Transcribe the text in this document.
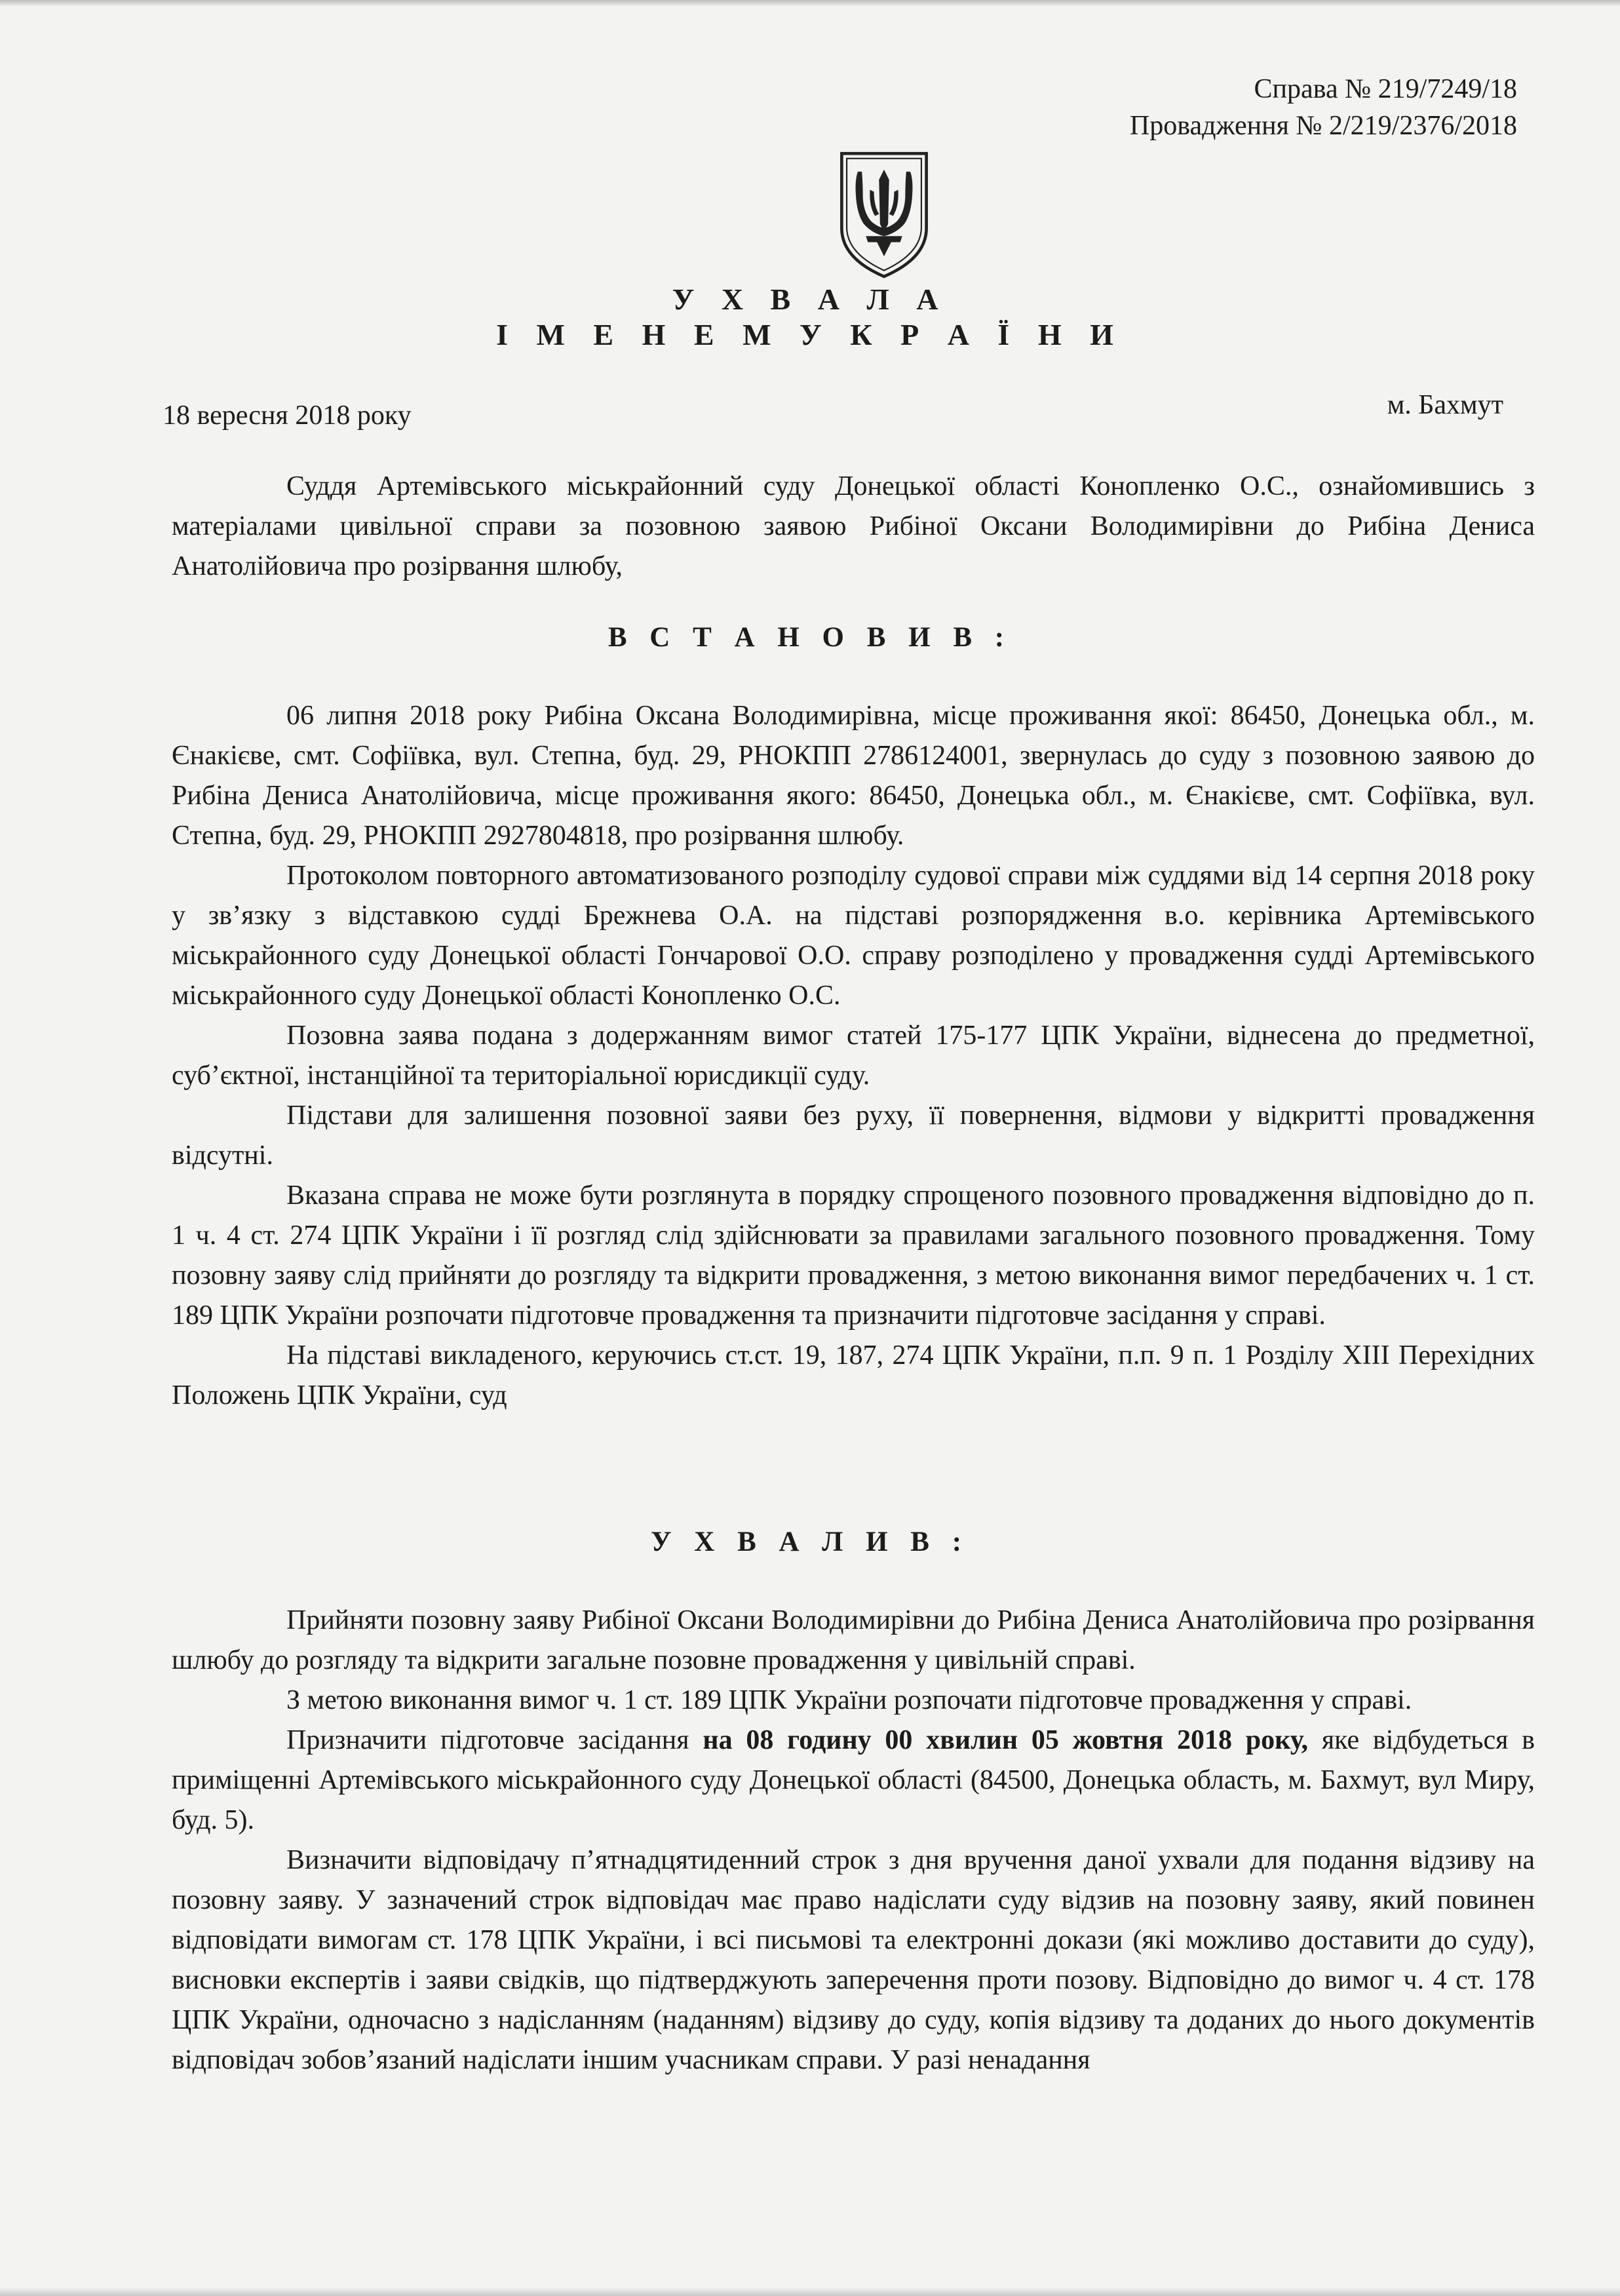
Справа № 219/7249/18
Провадження № 2/219/2376/2018
У Х В А Л А
І М Е Н Е М У К Р А Ї Н И
18 вересня 2018 року	м. Бахмут

Суддя Артемівського міськрайонний суду Донецької області Конопленко О.С., ознайомившись з матеріалами цивільної справи за позовною заявою Рибіної Оксани Володимирівни до Рибіна Дениса Анатолійовича про розірвання шлюбу,

В С Т А Н О В И В :

06 липня 2018 року Рибіна Оксана Володимирівна, місце проживання якої: 86450, Донецька обл., м. Єнакієве, смт. Софіївка, вул. Степна, буд. 29, РНОКПП 2786124001, звернулась до суду з позовною заявою до Рибіна Дениса Анатолійовича, місце проживання якого: 86450, Донецька обл., м. Єнакієве, смт. Софіївка, вул. Степна, буд. 29, РНОКПП 2927804818, про розірвання шлюбу.

Протоколом повторного автоматизованого розподілу судової справи між суддями від 14 серпня 2018 року у зв’язку з відставкою судді Брежнева О.А. на підставі розпорядження в.о. керівника Артемівського міськрайонного суду Донецької області Гончарової О.О. справу розподілено у провадження судді Артемівського міськрайонного суду Донецької області Конопленко О.С.

Позовна заява подана з додержанням вимог статей 175-177 ЦПК України, віднесена до предметної, суб’єктної, інстанційної та територіальної юрисдикції суду.

Підстави для залишення позовної заяви без руху, її повернення, відмови у відкритті провадження відсутні.

Вказана справа не може бути розглянута в порядку спрощеного позовного провадження відповідно до п. 1 ч. 4 ст. 274 ЦПК України і її розгляд слід здійснювати за правилами загального позовного провадження. Тому позовну заяву слід прийняти до розгляду та відкрити провадження, з метою виконання вимог передбачених ч. 1 ст. 189 ЦПК України розпочати підготовче провадження та призначити підготовче засідання у справі.

На підставі викладеного, керуючись ст.ст. 19, 187, 274 ЦПК України, п.п. 9 п. 1 Розділу XIII Перехідних Положень ЦПК України, суд

У Х В А Л И В :

Прийняти позовну заяву Рибіної Оксани Володимирівни до Рибіна Дениса Анатолійовича про розірвання шлюбу до розгляду та відкрити загальне позовне провадження у цивільній справі.

З метою виконання вимог ч. 1 ст. 189 ЦПК України розпочати підготовче провадження у справі.

Призначити підготовче засідання на 08 годину 00 хвилин 05 жовтня 2018 року, яке відбудеться в приміщенні Артемівського міськрайонного суду Донецької області (84500, Донецька область, м. Бахмут, вул Миру, буд. 5).

Визначити відповідачу п’ятнадцятиденний строк з дня вручення даної ухвали для подання відзиву на позовну заяву. У зазначений строк відповідач має право надіслати суду відзив на позовну заяву, який повинен відповідати вимогам ст. 178 ЦПК України, і всі письмові та електронні докази (які можливо доставити до суду), висновки експертів і заяви свідків, що підтверджують заперечення проти позову. Відповідно до вимог ч. 4 ст. 178 ЦПК України, одночасно з надісланням (наданням) відзиву до суду, копія відзиву та доданих до нього документів відповідач зобов’язаний надіслати іншим учасникам справи. У разі ненадання
